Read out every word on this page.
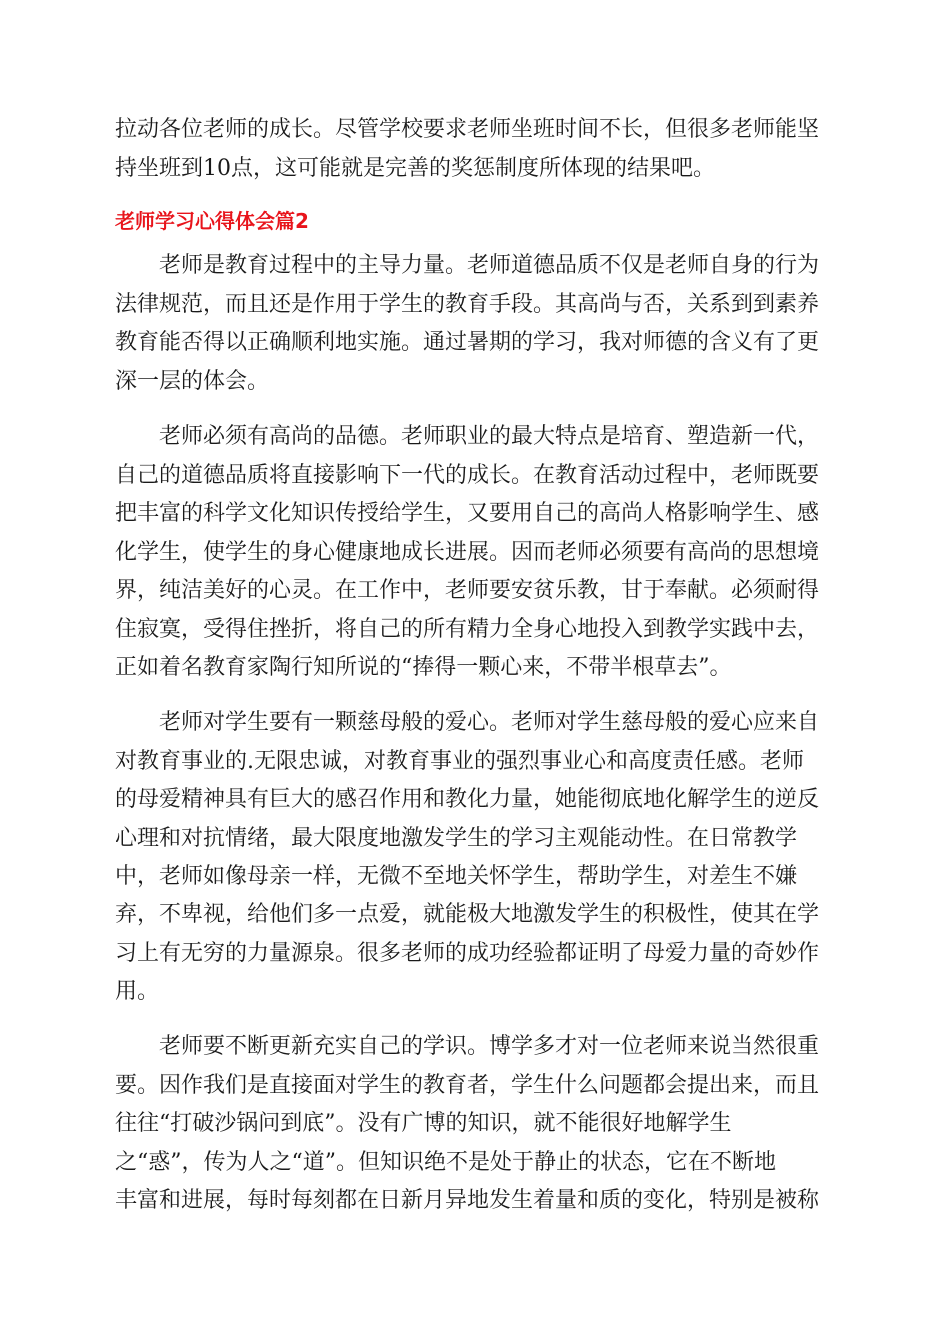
拉动各位老师的成长。尽管学校要求老师坐班时间不长，但很多老师能坚
持坐班到10点，这可能就是完善的奖惩制度所体现的结果吧。
老师学习心得体会篇2
　　老师是教育过程中的主导力量。老师道德品质不仅是老师自身的行为
法律规范，而且还是作用于学生的教育手段。其高尚与否，关系到到素养
教育能否得以正确顺利地实施。通过暑期的学习，我对师德的含义有了更
深一层的体会。
　　老师必须有高尚的品德。老师职业的最大特点是培育、塑造新一代，
自己的道德品质将直接影响下一代的成长。在教育活动过程中，老师既要
把丰富的科学文化知识传授给学生，又要用自己的高尚人格影响学生、感
化学生，使学生的身心健康地成长进展。因而老师必须要有高尚的思想境
界，纯洁美好的心灵。在工作中，老师要安贫乐教，甘于奉献。必须耐得
住寂寞，受得住挫折，将自己的所有精力全身心地投入到教学实践中去，
正如着名教育家陶行知所说的“捧得一颗心来，不带半根草去”。
　　老师对学生要有一颗慈母般的爱心。老师对学生慈母般的爱心应来自
对教育事业的.无限忠诚，对教育事业的强烈事业心和高度责任感。老师
的母爱精神具有巨大的感召作用和教化力量，她能彻底地化解学生的逆反
心理和对抗情绪，最大限度地激发学生的学习主观能动性。在日常教学
中，老师如像母亲一样，无微不至地关怀学生，帮助学生，对差生不嫌
弃，不卑视，给他们多一点爱，就能极大地激发学生的积极性，使其在学
习上有无穷的力量源泉。很多老师的成功经验都证明了母爱力量的奇妙作
用。
　　老师要不断更新充实自己的学识。博学多才对一位老师来说当然很重
要。因作我们是直接面对学生的教育者，学生什么问题都会提出来，而且
往往“打破沙锅问到底”。没有广博的知识，就不能很好地解学生
之“惑”，传为人之“道”。但知识绝不是处于静止的状态，它在不断地
丰富和进展，每时每刻都在日新月异地发生着量和质的变化，特别是被称
